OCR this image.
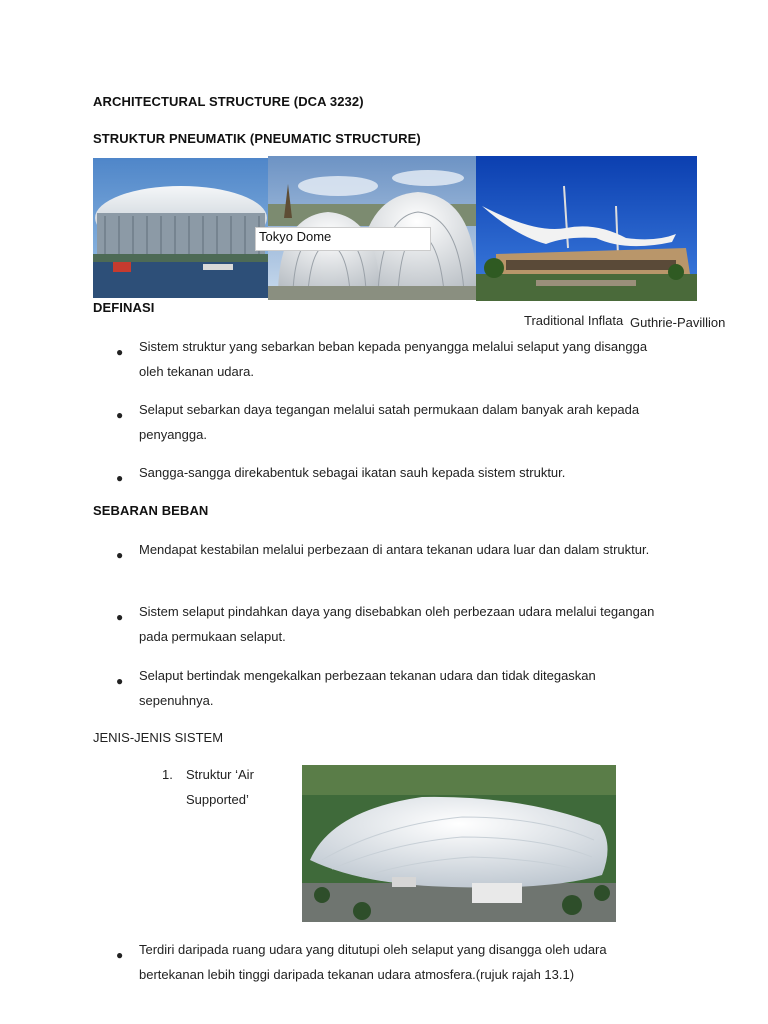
ARCHITECTURAL STRUCTURE (DCA 3232)
STRUKTUR PNEUMATIK (PNEUMATIC STRUCTURE)
Tokyo Dome
Traditional Inflata Guthrie-Pavillion
DEFINASI
● Sistem struktur yang sebarkan beban kepada penyangga melalui selaput yang disangga oleh tekanan udara.
● Selaput sebarkan daya tegangan melalui satah permukaan dalam banyak arah kepada penyangga.
● Sangga-sangga direkabentuk sebagai ikatan sauh kepada sistem struktur.
SEBARAN BEBAN
● Mendapat kestabilan melalui perbezaan di antara tekanan udara luar dan dalam struktur.
● Sistem selaput pindahkan daya yang disebabkan oleh perbezaan udara melalui tegangan pada permukaan selaput.
● Selaput bertindak mengekalkan perbezaan tekanan udara dan tidak ditegaskan sepenuhnya.
JENIS-JENIS SISTEM
1. Struktur ‘Air Supported’
● Terdiri daripada ruang udara yang ditutupi oleh selaput yang disangga oleh udara bertekanan lebih tinggi daripada tekanan udara atmosfera.(rujuk rajah 13.1)
